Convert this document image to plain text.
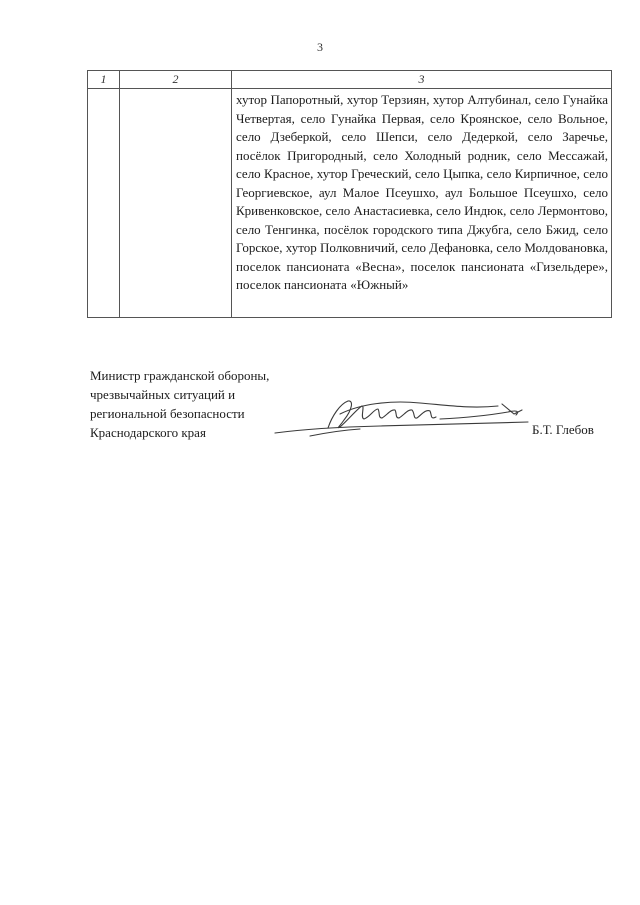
3
1	2	3

		хутор Папоротный, хутор Терзиян, хутор Алтубинал, село Гунайка Четвертая, село Гунайка Первая, село Кроянское, село Вольное, село Дзеберкой, село Шепси, село Дедеркой, село Заречье, посёлок Пригородный, село Холодный родник, село Мессажай, село Красное, хутор Греческий, село Цыпка, село Кирпичное, село Георгиевское, аул Малое Псеушхо, аул Большое Псеушхо, село Кривенковское, село Анастасиевка, село Индюк, село Лермонтово, село Тенгинка, посёлок городского типа Джубга, село Бжид, село Горское, хутор Полковничий, село Дефановка, село Молдовановка, поселок пансионата «Весна», поселок пансионата «Гизельдере», поселок пансионата «Южный»
Министр гражданской обороны,
чрезвычайных ситуаций и
региональной безопасности
Краснодарского края	Б.Т. Глебов
